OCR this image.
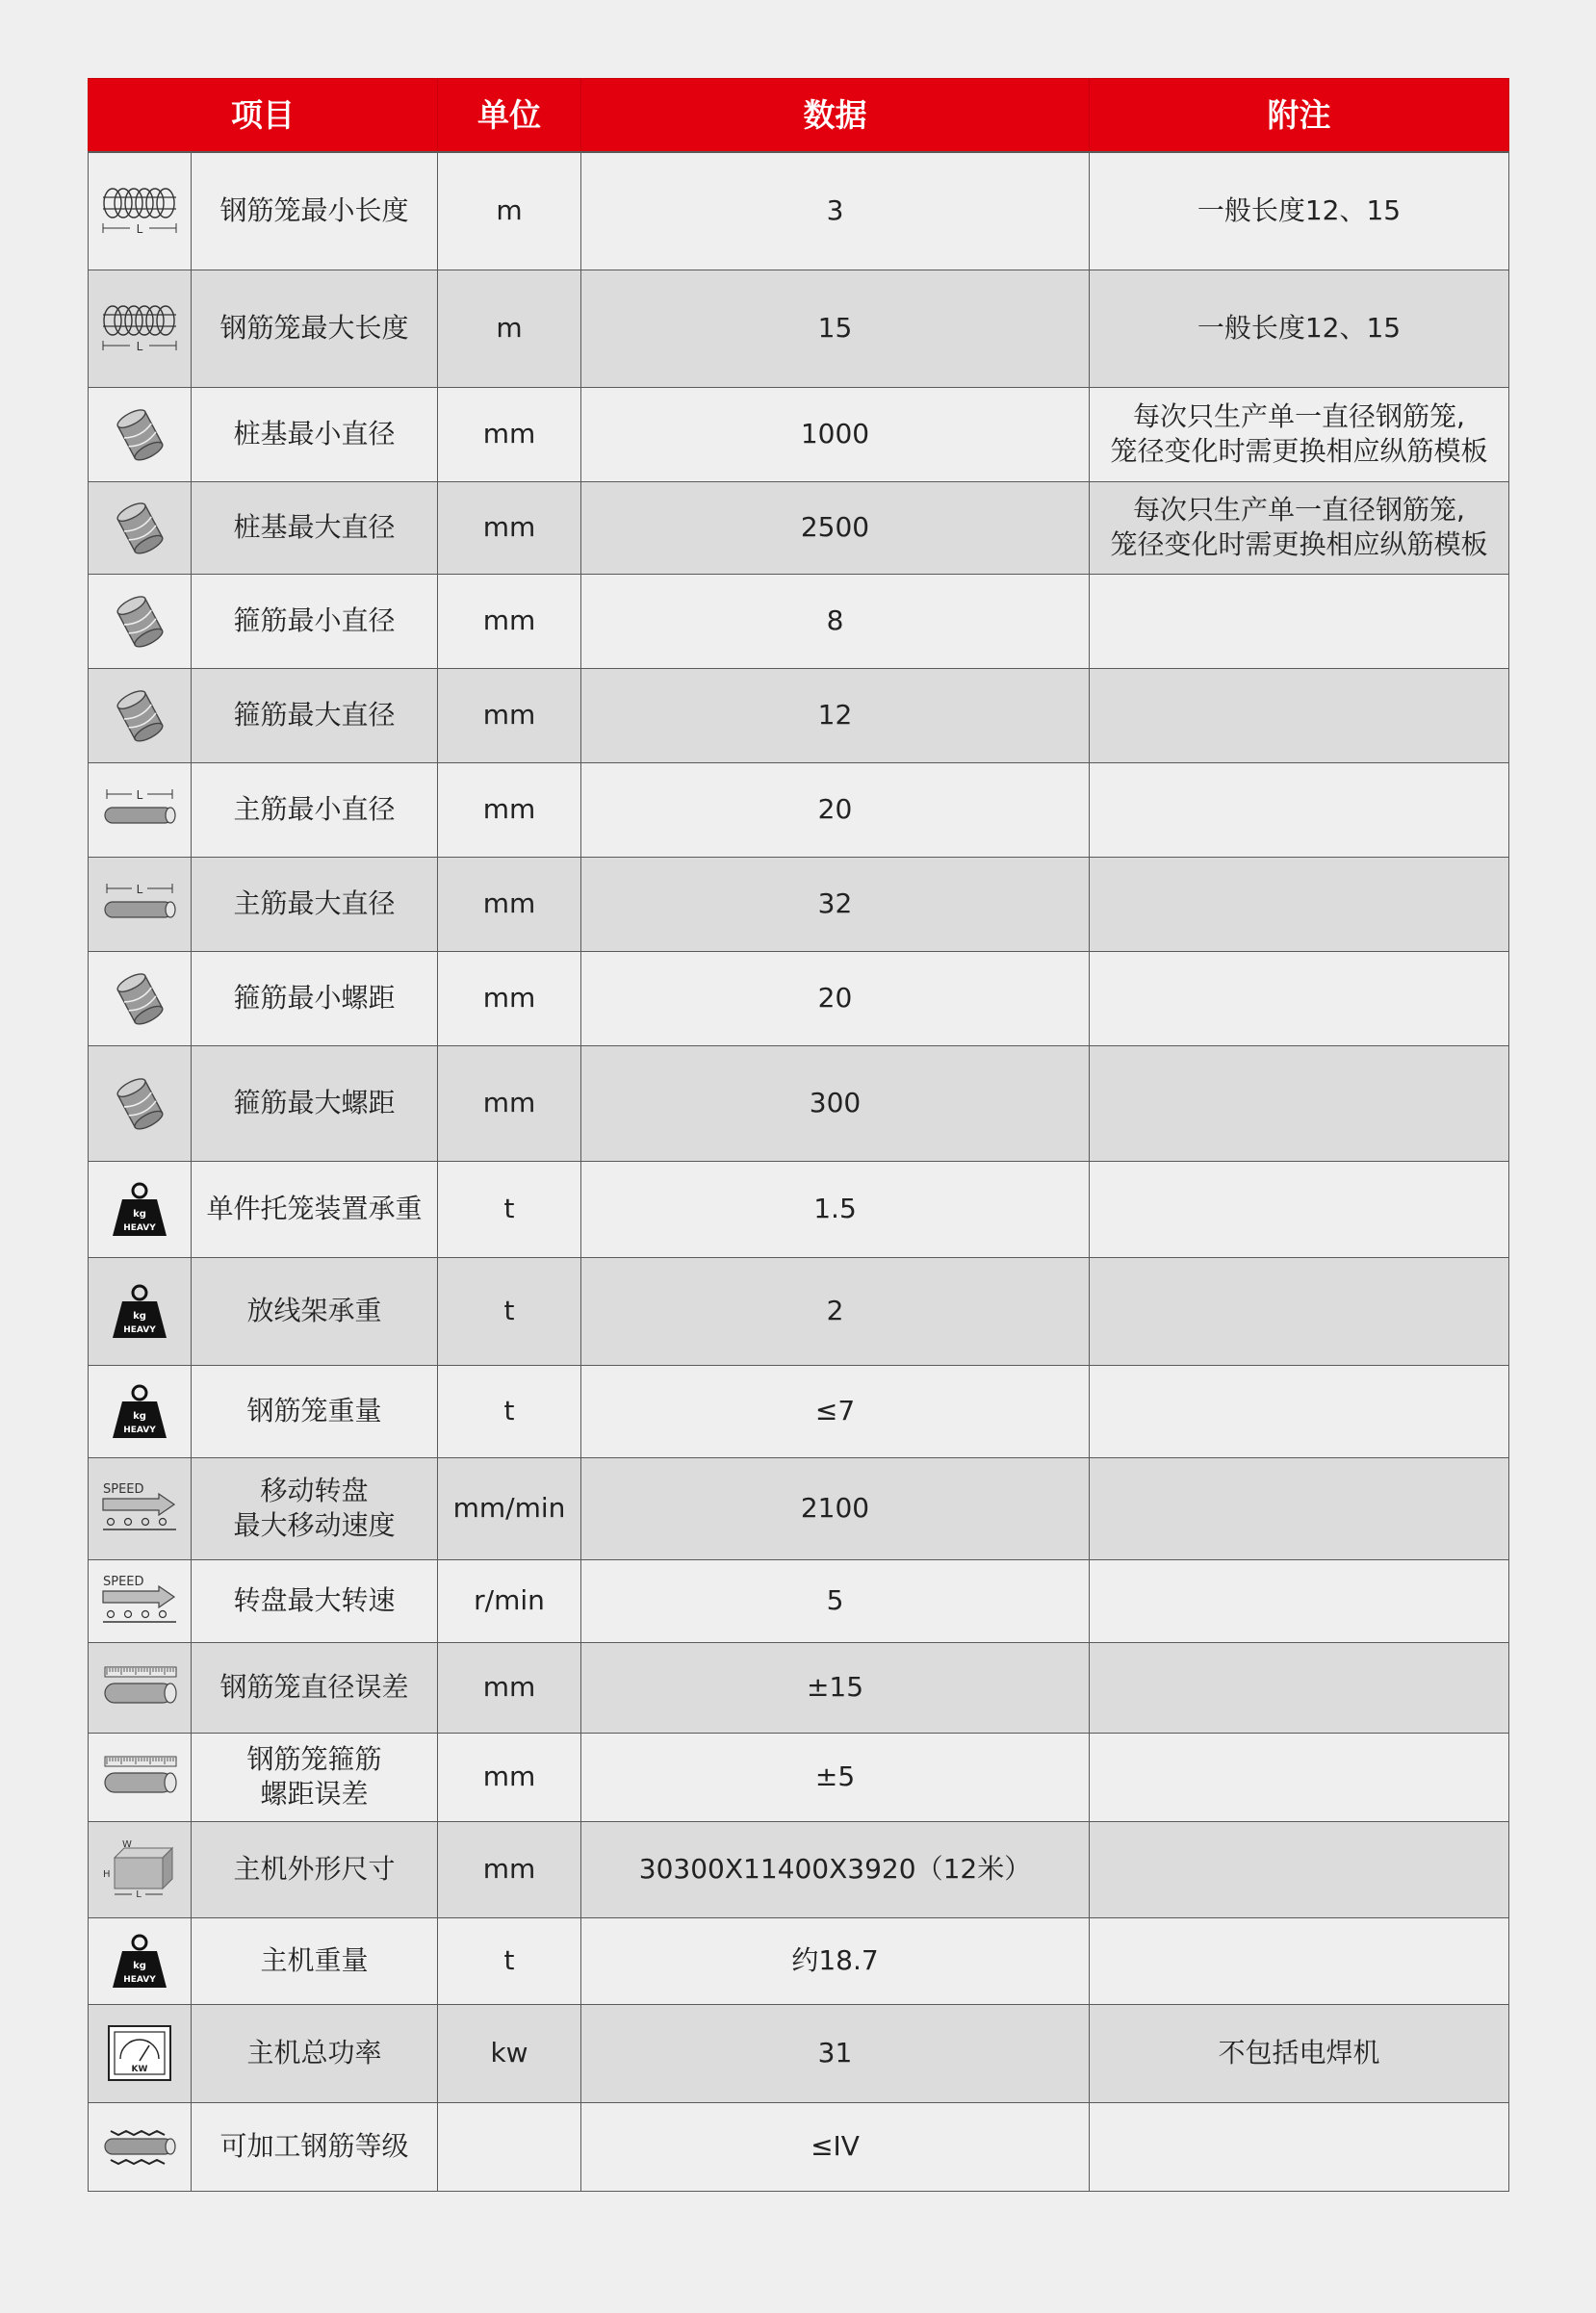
项目		单位	数据	附注

L	钢筋笼最小长度	m	3	一般长度12、15

L	钢筋笼最大长度	m	15	一般长度12、15

	桩基最小直径	mm	1000	每次只生产单一直径钢筋笼,
笼径变化时需更换相应纵筋模板

	桩基最大直径	mm	2500	每次只生产单一直径钢筋笼,
笼径变化时需更换相应纵筋模板

	箍筋最小直径	mm	8	

	箍筋最大直径	mm	12	

L	主筋最小直径	mm	20	

L	主筋最大直径	mm	32	

	箍筋最小螺距	mm	20	

	箍筋最大螺距	mm	300	

kg
HEAVY	单件托笼装置承重	t	1.5	

kg
HEAVY	放线架承重	t	2	

kg
HEAVY	钢筋笼重量	t	≤7	

SPEED	移动转盘
最大移动速度	mm/min	2100	

SPEED	转盘最大转速	r/min	5	

	钢筋笼直径误差	mm	±15	

	钢筋笼箍筋
螺距误差	mm	±5	

W
H
L	主机外形尺寸	mm	30300X11400X3920（12米）	

kg
HEAVY	主机重量	t	约18.7	

KW	主机总功率	kw	31	不包括电焊机

	可加工钢筋等级		≤IV	
